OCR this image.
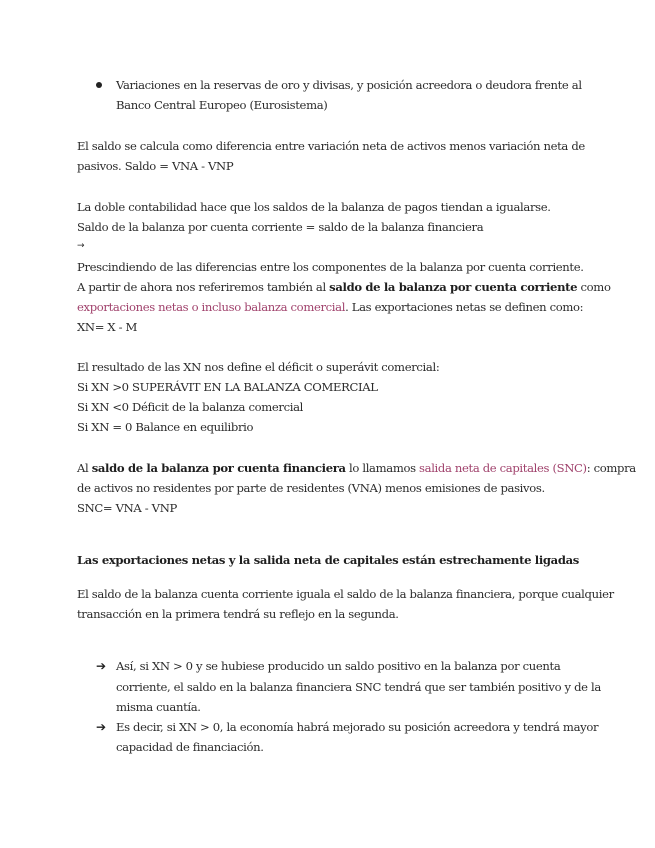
Variaciones en la reservas de oro y divisas, y posición acreedora o deudora frente al
Banco Central Europeo (Eurosistema)
El saldo se calcula como diferencia entre variación neta de activos menos variación neta de
pasivos. Saldo = VNA - VNP
La doble contabilidad hace que los saldos de la balanza de pagos tiendan a igualarse.
Saldo de la balanza por cuenta corriente = saldo de la balanza financiera
→
Prescindiendo de las diferencias entre los componentes de la balanza por cuenta corriente.
A partir de ahora nos referiremos también al saldo de la balanza por cuenta corriente como
exportaciones netas o incluso balanza comercial. Las exportaciones netas se definen como:
XN= X - M
El resultado de las XN nos define el déficit o superávit comercial:
Si XN >0 SUPERÁVIT EN LA BALANZA COMERCIAL
Si XN <0 Déficit de la balanza comercial
Si XN = 0 Balance en equilibrio
Al saldo de la balanza por cuenta financiera lo llamamos salida neta de capitales (SNC): compra
de activos no residentes por parte de residentes (VNA) menos emisiones de pasivos.
SNC= VNA - VNP
Las exportaciones netas y la salida neta de capitales están estrechamente ligadas
El saldo de la balanza cuenta corriente iguala el saldo de la balanza financiera, porque cualquier
transacción en la primera tendrá su reflejo en la segunda.
➔ Así, si XN > 0 y se hubiese producido un saldo positivo en la balanza por cuenta
corriente, el saldo en la balanza financiera SNC tendrá que ser también positivo y de la
misma cuantía.
➔ Es decir, si XN > 0, la economía habrá mejorado su posición acreedora y tendrá mayor
capacidad de financiación.
